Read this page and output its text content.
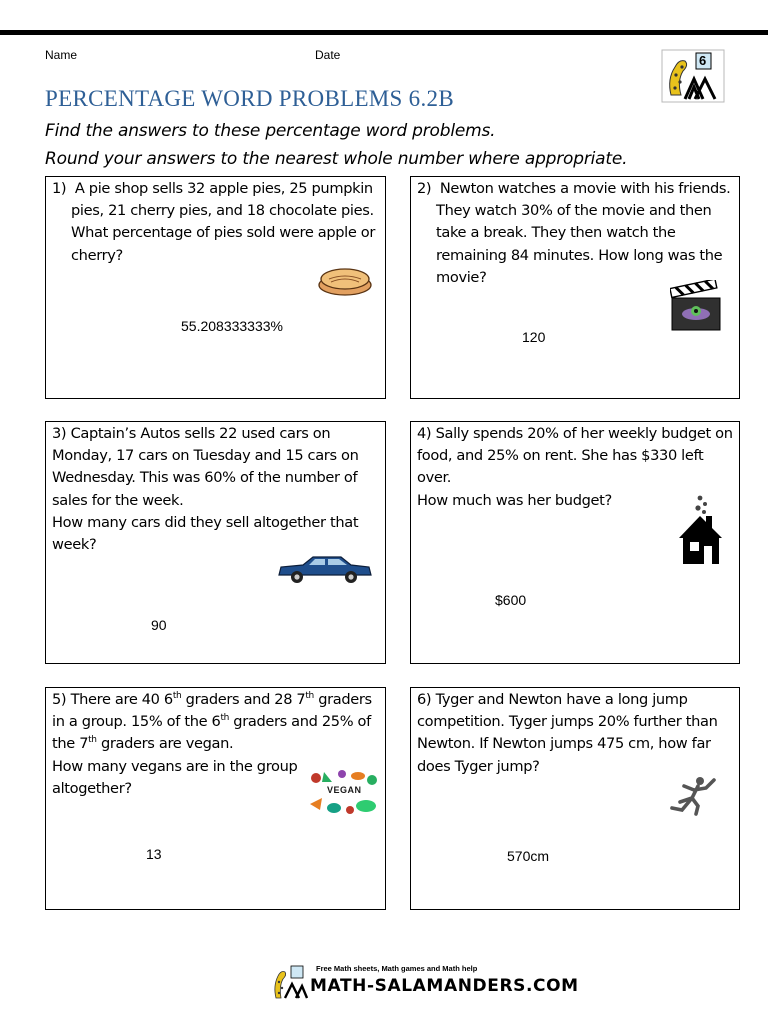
Name	Date	6
PERCENTAGE WORD PROBLEMS 6.2B
Find the answers to these percentage word problems.
Round your answers to the nearest whole number where appropriate.

1)  A pie shop sells 32 apple pies, 25 pumpkin pies, 21 cherry pies, and 18 chocolate pies. What percentage of pies sold were apple or cherry?

55.208333333%

2)  Newton watches a movie with his friends. They watch 30% of the movie and then take a break. They then watch the remaining 84 minutes. How long was the movie?

120

3) Captain’s Autos sells 22 used cars on Monday, 17 cars on Tuesday and 15 cars on Wednesday. This was 60% of the number of sales for the week.

How many cars did they sell altogether that week?

90

4) Sally spends 20% of her weekly budget on food, and 25% on rent. She has $330 left over.

How much was her budget?

$600

5) There are 40 6th graders and 28 7th graders in a group. 15% of the 6th graders and 25% of the 7th graders are vegan.

How many vegans are in the group altogether?	VEGAN
13

6) Tyger and Newton have a long jump competition. Tyger jumps 20% further than Newton. If Newton jumps 475 cm, how far does Tyger jump?

570cm
Free Math sheets, Math games and Math help
MATH-SALAMANDERS.COM
